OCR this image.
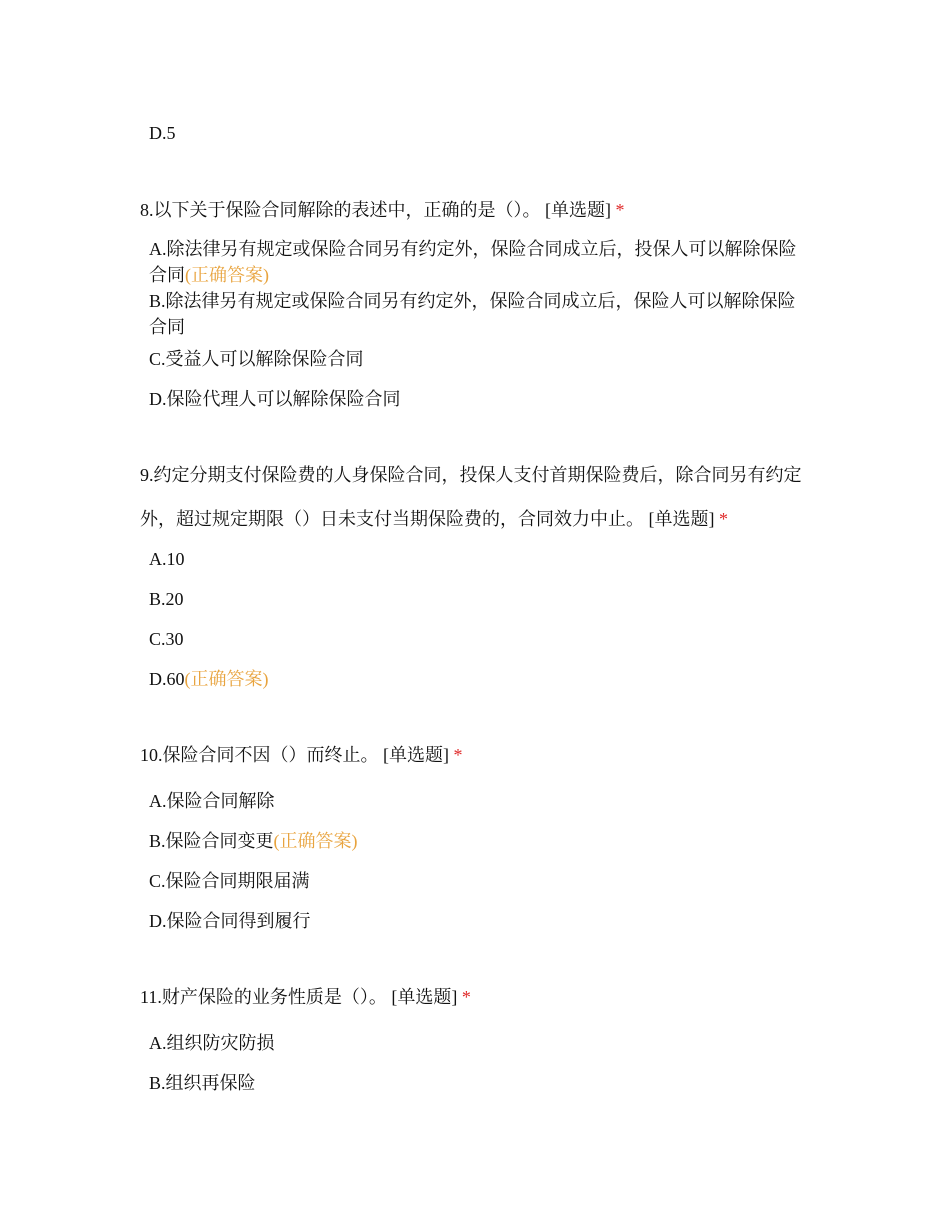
D.5
8.以下关于保险合同解除的表述中，正确的是（）。 [单选题] *
A.除法律另有规定或保险合同另有约定外，保险合同成立后，投保人可以解除保险合同(正确答案)
B.除法律另有规定或保险合同另有约定外，保险合同成立后，保险人可以解除保险合同
C.受益人可以解除保险合同
D.保险代理人可以解除保险合同
9.约定分期支付保险费的人身保险合同，投保人支付首期保险费后，除合同另有约定外，超过规定期限（）日未支付当期保险费的，合同效力中止。 [单选题] *
A.10
B.20
C.30
D.60(正确答案)
10.保险合同不因（）而终止。 [单选题] *
A.保险合同解除
B.保险合同变更(正确答案)
C.保险合同期限届满
D.保险合同得到履行
11.财产保险的业务性质是（）。 [单选题] *
A.组织防灾防损
B.组织再保险
